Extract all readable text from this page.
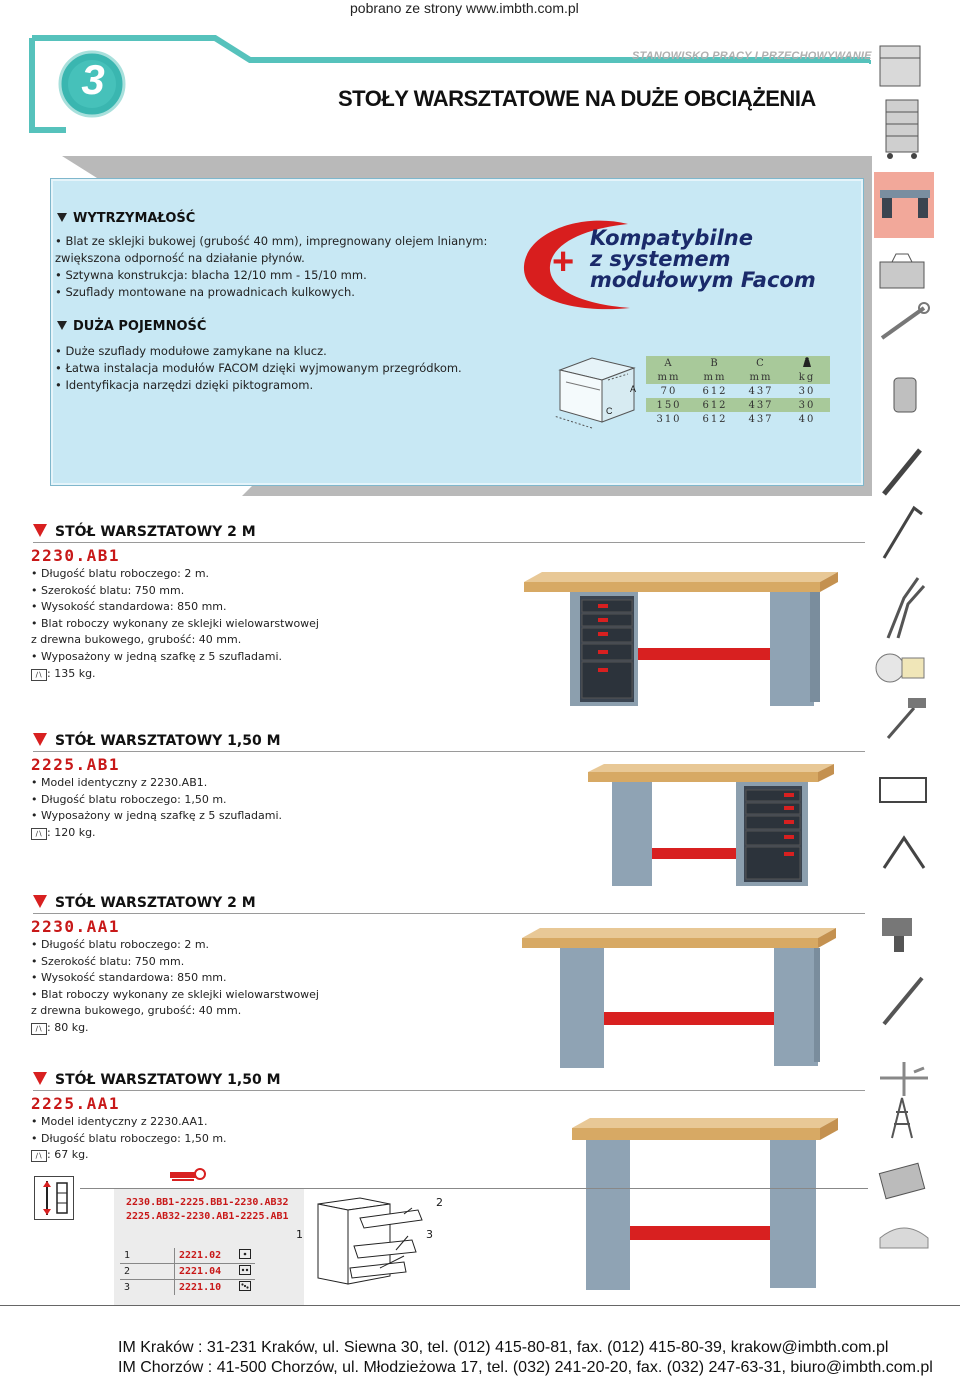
pobrano ze strony www.imbth.com.pl
3	STANOWISKO PRACY I PRZECHOWYWANIE
STOŁY WARSZTATOWE NA DUŻE OBCIĄŻENIA
WYTRZYMAŁOŚĆ
• Blat ze sklejki bukowej (grubość 40 mm), impregnowany olejem lnianym:
zwiększona odporność na działanie płynów.
• Sztywna konstrukcja: blacha 12/10 mm - 15/10 mm.
• Szuflady montowane na prowadnicach kulkowych.
DUŻA POJEMNOŚĆ
• Duże szuflady modułowe zamykane na klucz.
• Łatwa instalacja modułów FACOM dzięki wyjmowanym przegródkom.
• Identyfikacja narzędzi dzięki piktogramom.
+
Kompatybilne
z systemem
modułowym Facom
A
C
A	B	C	
mm	mm	mm	kg
70	612	437	30
150	612	437	30
310	612	437	40
STÓŁ WARSZTATOWY 2 M
2230.AB1
• Długość blatu roboczego: 2 m.
• Szerokość blatu: 750 mm.
• Wysokość standardowa: 850 mm.
• Blat roboczy wykonany ze sklejki wielowarstwowej
z drewna bukowego, grubość: 40 mm.
• Wyposażony w jedną szafkę z 5 szufladami.
∕∖ : 135 kg.
STÓŁ WARSZTATOWY 1,50 M
2225.AB1
• Model identyczny z 2230.AB1.
• Długość blatu roboczego: 1,50 m.
• Wyposażony w jedną szafkę z 5 szufladami.
∕∖ : 120 kg.
STÓŁ WARSZTATOWY 2 M
2230.AA1
• Długość blatu roboczego: 2 m.
• Szerokość blatu: 750 mm.
• Wysokość standardowa: 850 mm.
• Blat roboczy wykonany ze sklejki wielowarstwowej
z drewna bukowego, grubość: 40 mm.
∕∖ : 80 kg.
STÓŁ WARSZTATOWY 1,50 M
2225.AA1
• Model identyczny z 2230.AA1.
• Długość blatu roboczego: 1,50 m.
∕∖ : 67 kg.
2230.BB1-2225.BB1-2230.AB32
2225.AB32-2230.AB1-2225.AB1
1	2221.02	
2	2221.04	
3	2221.10	
1
2
3
IM Kraków : 31-231 Kraków, ul. Siewna 30, tel. (012) 415-80-81, fax. (012) 415-80-39, krakow@imbth.com.pl
IM Chorzów : 41-500 Chorzów, ul. Młodzieżowa 17, tel. (032) 241-20-20, fax. (032) 247-63-31, biuro@imbth.com.pl
